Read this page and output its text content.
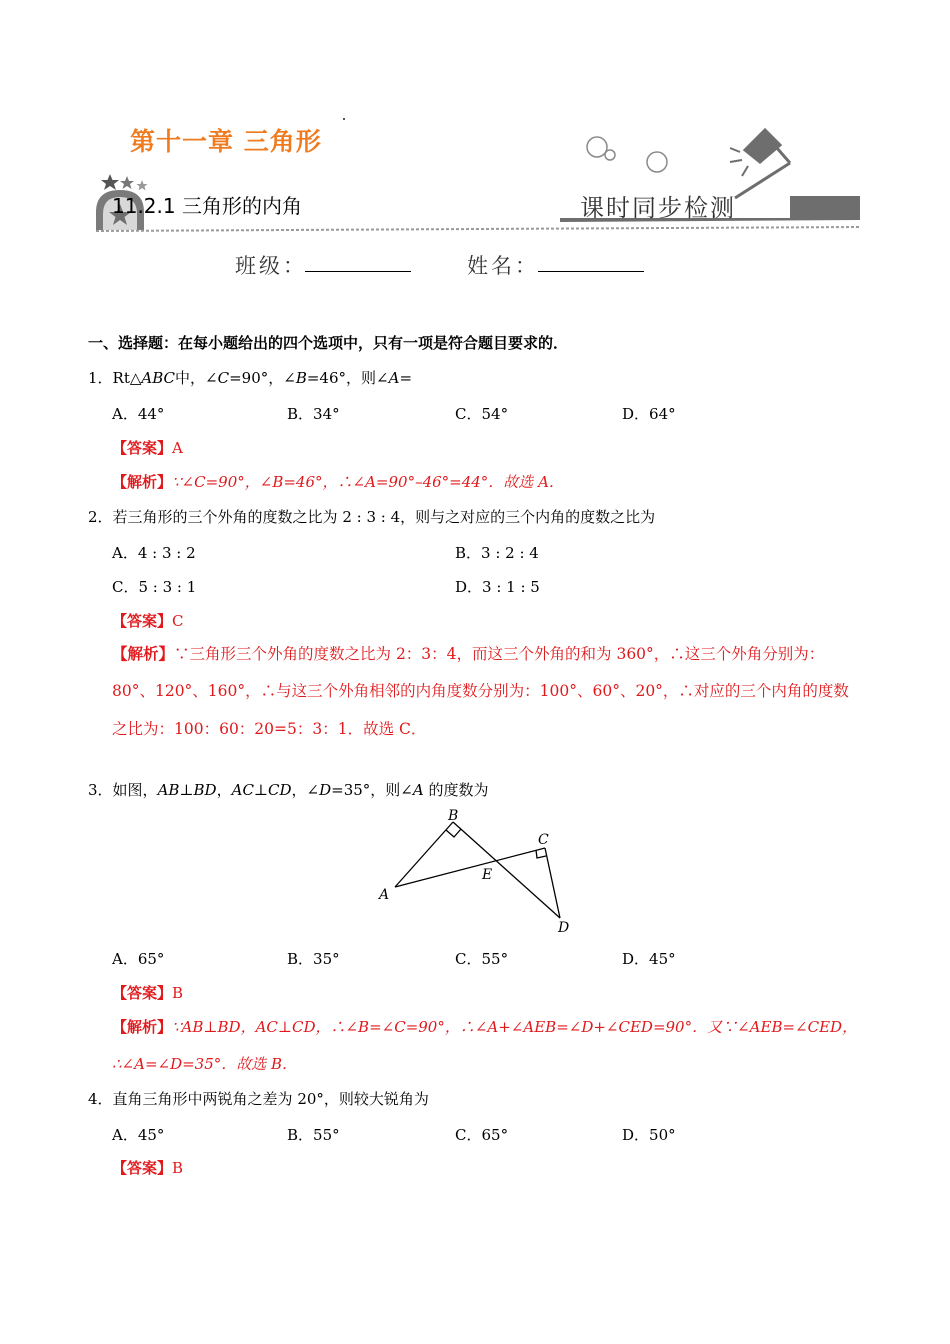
第十一章 三角形
11.2.1 三角形的内角	课时同步检测
班级：	姓名：
一、选择题：在每小题给出的四个选项中，只有一项是符合题目要求的．
1．Rt△ABC中，∠C=90°，∠B=46°，则∠A=
A．44°	B．34°	C．54°	D．64°
【答案】A
【解析】∵∠C=90°，∠B=46°，∴∠A=90°–46°=44°．故选 A．
2．若三角形的三个外角的度数之比为 2 : 3 : 4，则与之对应的三个内角的度数之比为
A．4 : 3 : 2	B．3 : 2 : 4
C．5 : 3 : 1	D．3 : 1 : 5
【答案】C
【解析】∵三角形三个外角的度数之比为 2：3：4，而这三个外角的和为 360°，∴这三个外角分别为：
80°、120°、160°，∴与这三个外角相邻的内角度数分别为：100°、60°、20°，∴对应的三个内角的度数
之比为：100：60：20=5：3：1．故选 C．
3．如图，AB⊥BD，AC⊥CD，∠D=35°，则∠A 的度数为
B
C
A
E
D
A．65°	B．35°	C．55°	D．45°
【答案】B
【解析】∵AB⊥BD，AC⊥CD，∴∠B=∠C=90°，∴∠A+∠AEB=∠D+∠CED=90°．又∵∠AEB=∠CED，
∴∠A=∠D=35°．故选 B．
4．直角三角形中两锐角之差为 20°，则较大锐角为
A．45°	B．55°	C．65°	D．50°
【答案】B
